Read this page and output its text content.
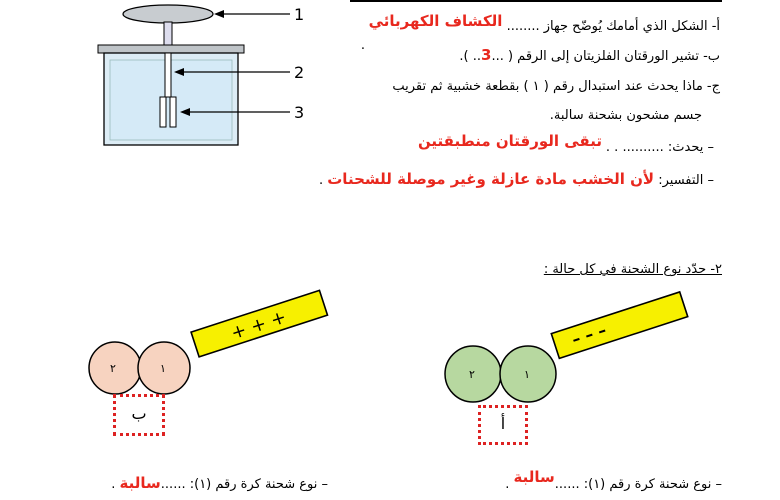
1
2
3
أ- الشكل الذي أمامك يُوضّح جهاز ........ الكشاف الكهربائي
.
ب- تشير الورقتان الفلزيتان إلى الرقم ( ...3.. ).
ج- ماذا يحدث عند استبدال رقم ( ١ ) بقطعة خشبية ثم تقريب
جسم مشحون بشحنة سالبة.
– يحدث: .......... . .
تبقى الورقتان منطبقتين
– التفسير: لأن الخشب مادة عازلة وغير موصلة للشحنات .
٢- حدّد نوع الشحنة في كل حالة :
+ + +
٢	١
ب
– – –
٢	١
أ
– نوع شحنة كرة رقم (١): ......سالبة .	– نوع شحنة كرة رقم (١): ......سالبة .
